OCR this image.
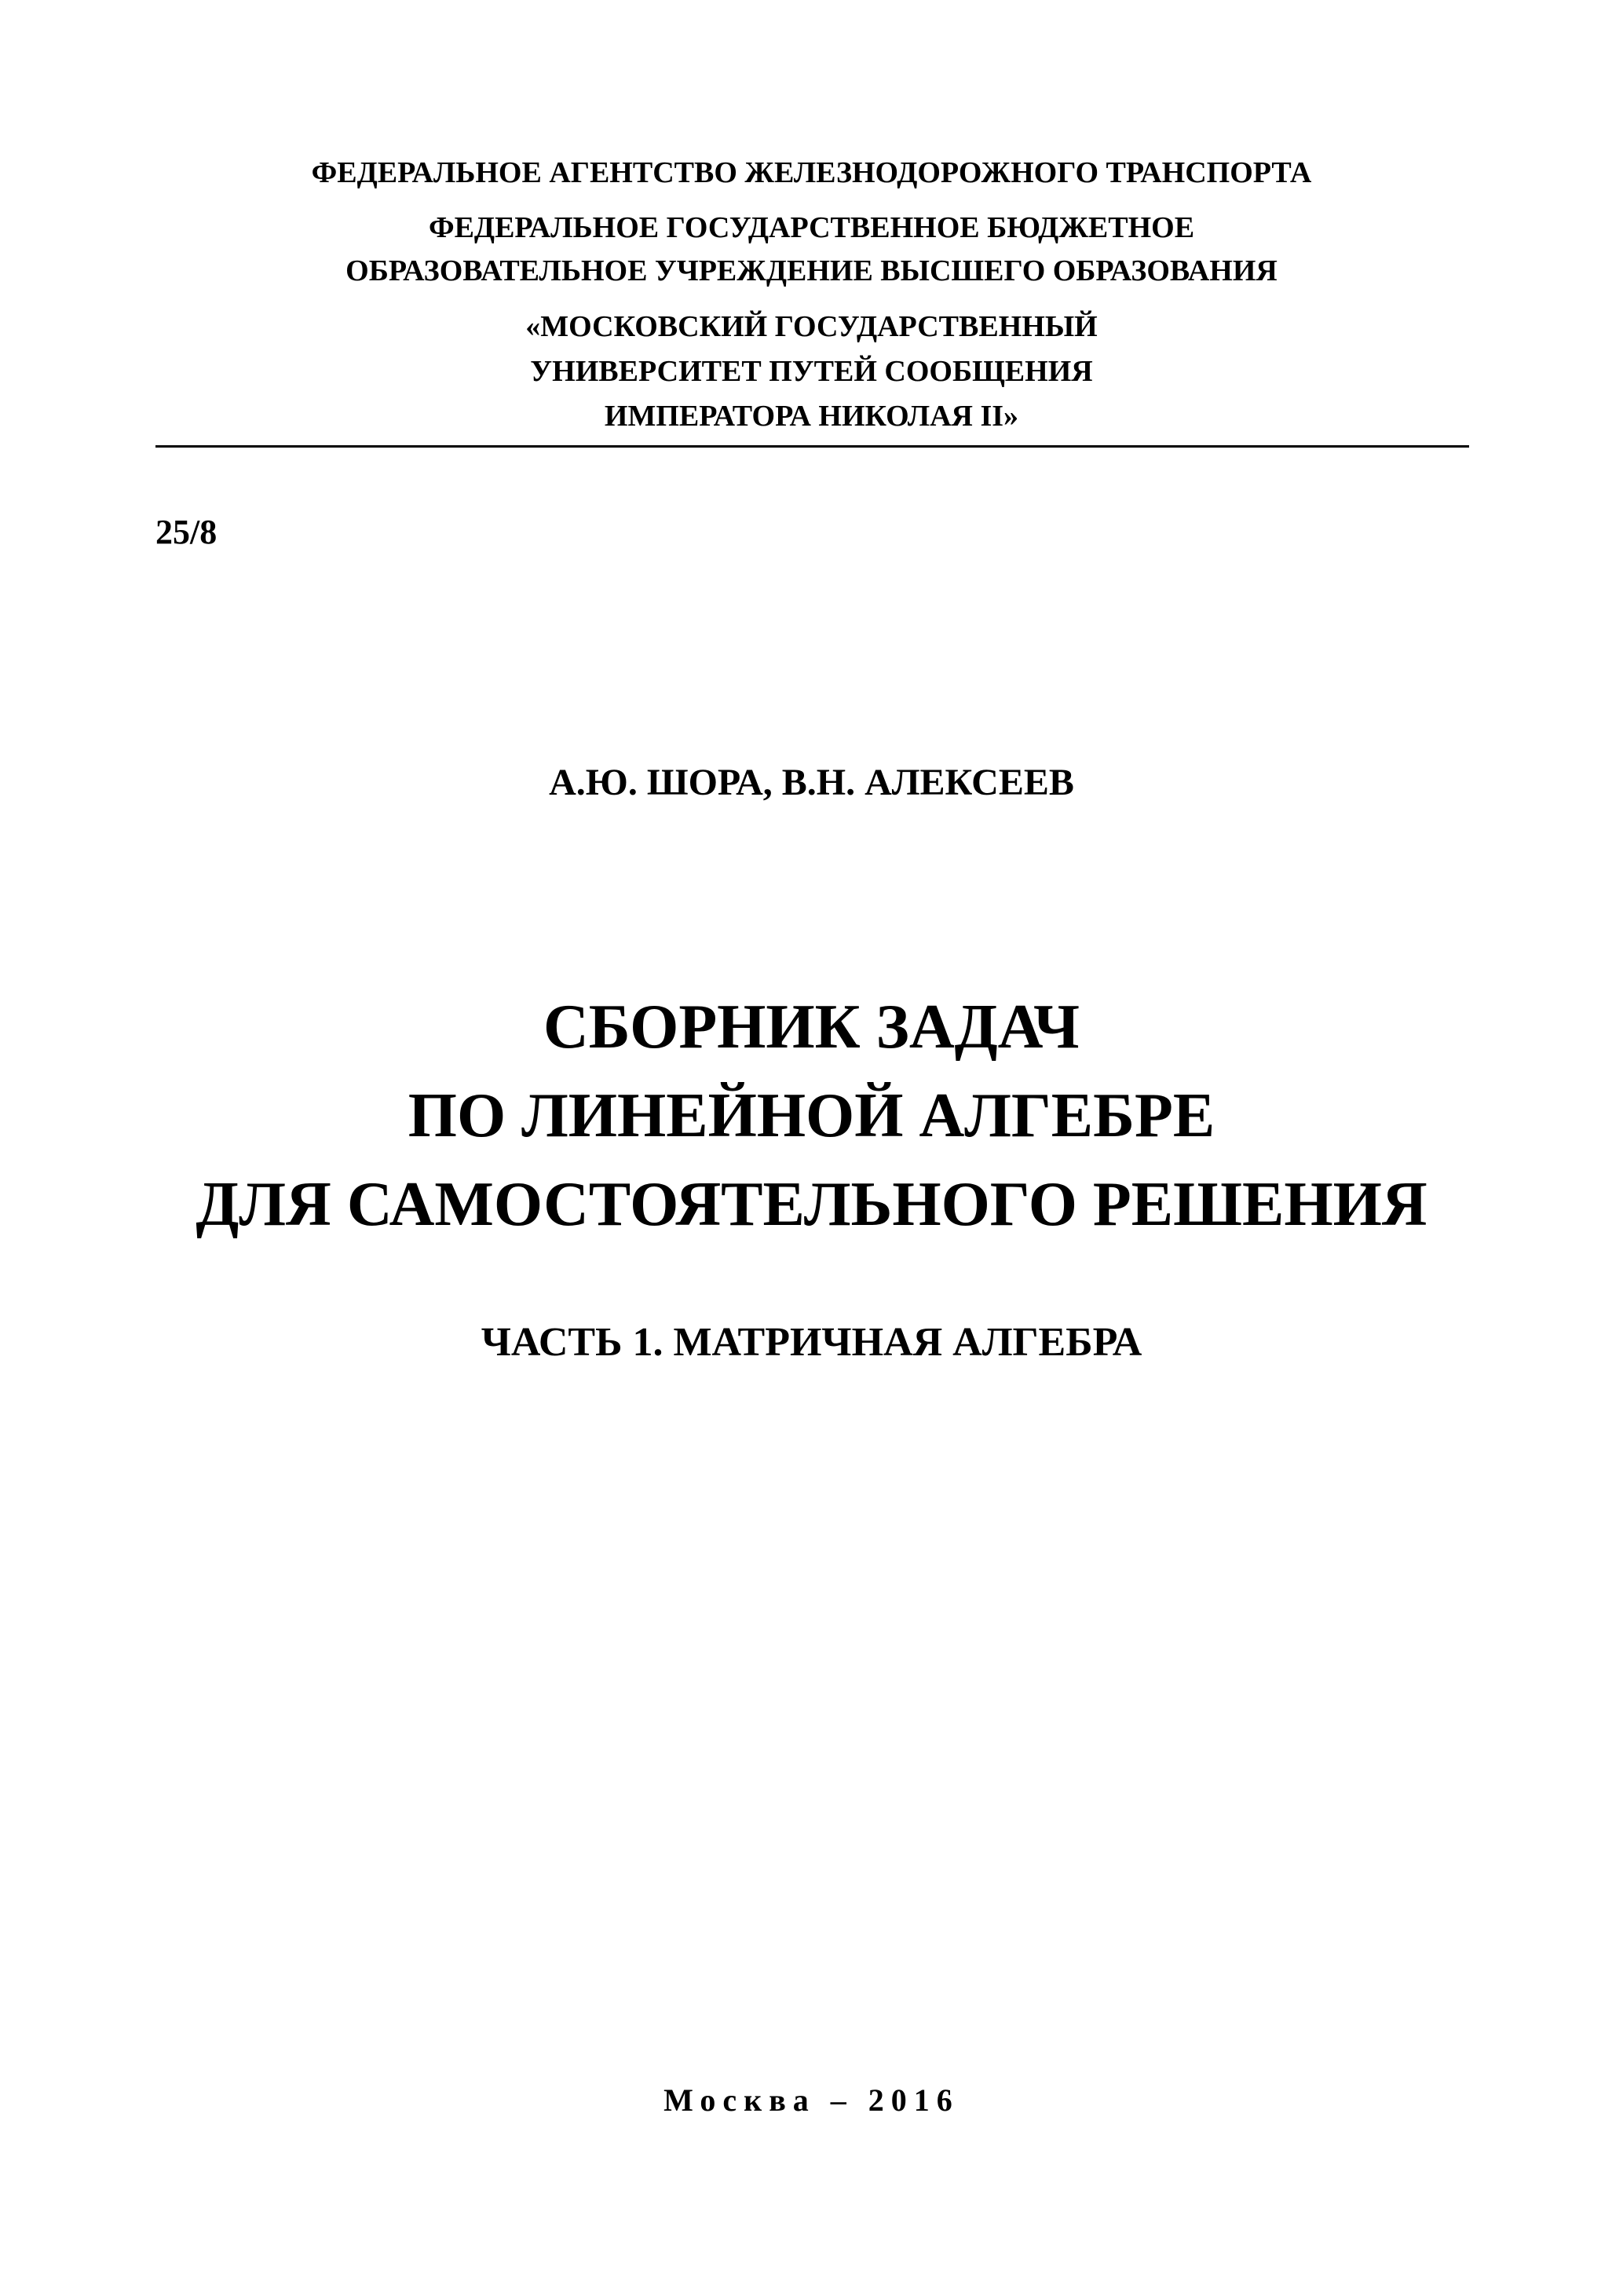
ФЕДЕРАЛЬНОЕ АГЕНТСТВО ЖЕЛЕЗНОДОРОЖНОГО ТРАНСПОРТА
ФЕДЕРАЛЬНОЕ ГОСУДАРСТВЕННОЕ БЮДЖЕТНОЕ
ОБРАЗОВАТЕЛЬНОЕ УЧРЕЖДЕНИЕ ВЫСШЕГО ОБРАЗОВАНИЯ
«МОСКОВСКИЙ ГОСУДАРСТВЕННЫЙ
УНИВЕРСИТЕТ ПУТЕЙ СООБЩЕНИЯ
ИМПЕРАТОРА НИКОЛАЯ II»
25/8
А.Ю. ШОРА, В.Н. АЛЕКСЕЕВ
СБОРНИК ЗАДАЧ
ПО ЛИНЕЙНОЙ АЛГЕБРЕ
ДЛЯ САМОСТОЯТЕЛЬНОГО РЕШЕНИЯ
ЧАСТЬ 1. МАТРИЧНАЯ АЛГЕБРА
Москва – 2016
